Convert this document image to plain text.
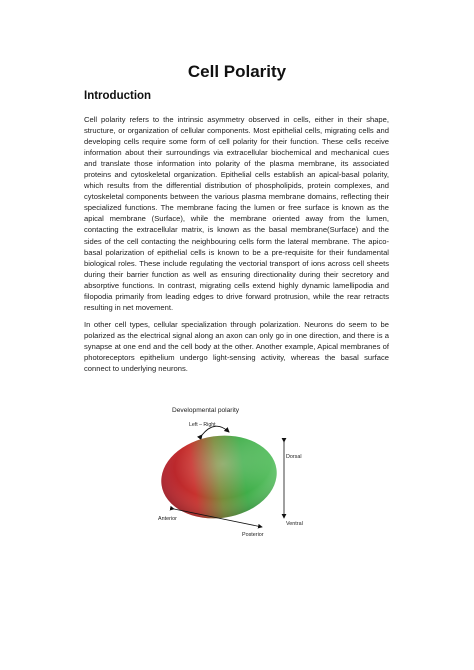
Cell Polarity
Introduction

Cell polarity refers to the intrinsic asymmetry observed in cells, either in their shape, structure, or organization of cellular components. Most epithelial cells, migrating cells and developing cells require some form of cell polarity for their function. These cells receive information about their surroundings via extracellular biochemical and mechanical cues and translate those information into polarity of the plasma membrane, its associated proteins and cytoskeletal organization. Epithelial cells establish an apical-basal polarity, which results from the differential distribution of phospholipids, protein complexes, and cytoskeletal components between the various plasma membrane domains, reflecting their specialized functions. The membrane facing the lumen or free surface is known as the apical membrane (Surface), while the membrane oriented away from the lumen, contacting the extracellular matrix, is known as the basal membrane(Surface) and the sides of the cell contacting the neighbouring cells form the lateral membrane. The apico-basal polarization of epithelial cells is known to be a pre-requisite for their fundamental biological roles. These include regulating the vectorial transport of ions across cell sheets during their barrier function as well as ensuring directionality during their secretory and absorptive functions. In contrast, migrating cells extend highly dynamic lamellipodia and filopodia primarily from leading edges to drive forward protrusion, while the rear retracts resulting in net movement.

In other cell types, cellular specialization through polarization. Neurons do seem to be polarized as the electrical signal along an axon can only go in one direction, and there is a synapse at one end and the cell body at the other. Another example, Apical membranes of photoreceptors epithelium undergo light-sensing activity, whereas the basal surface connect to underlying neurons.

Developmental polarity
Left – Right
Dorsal
Ventral
Anterior
Posterior
